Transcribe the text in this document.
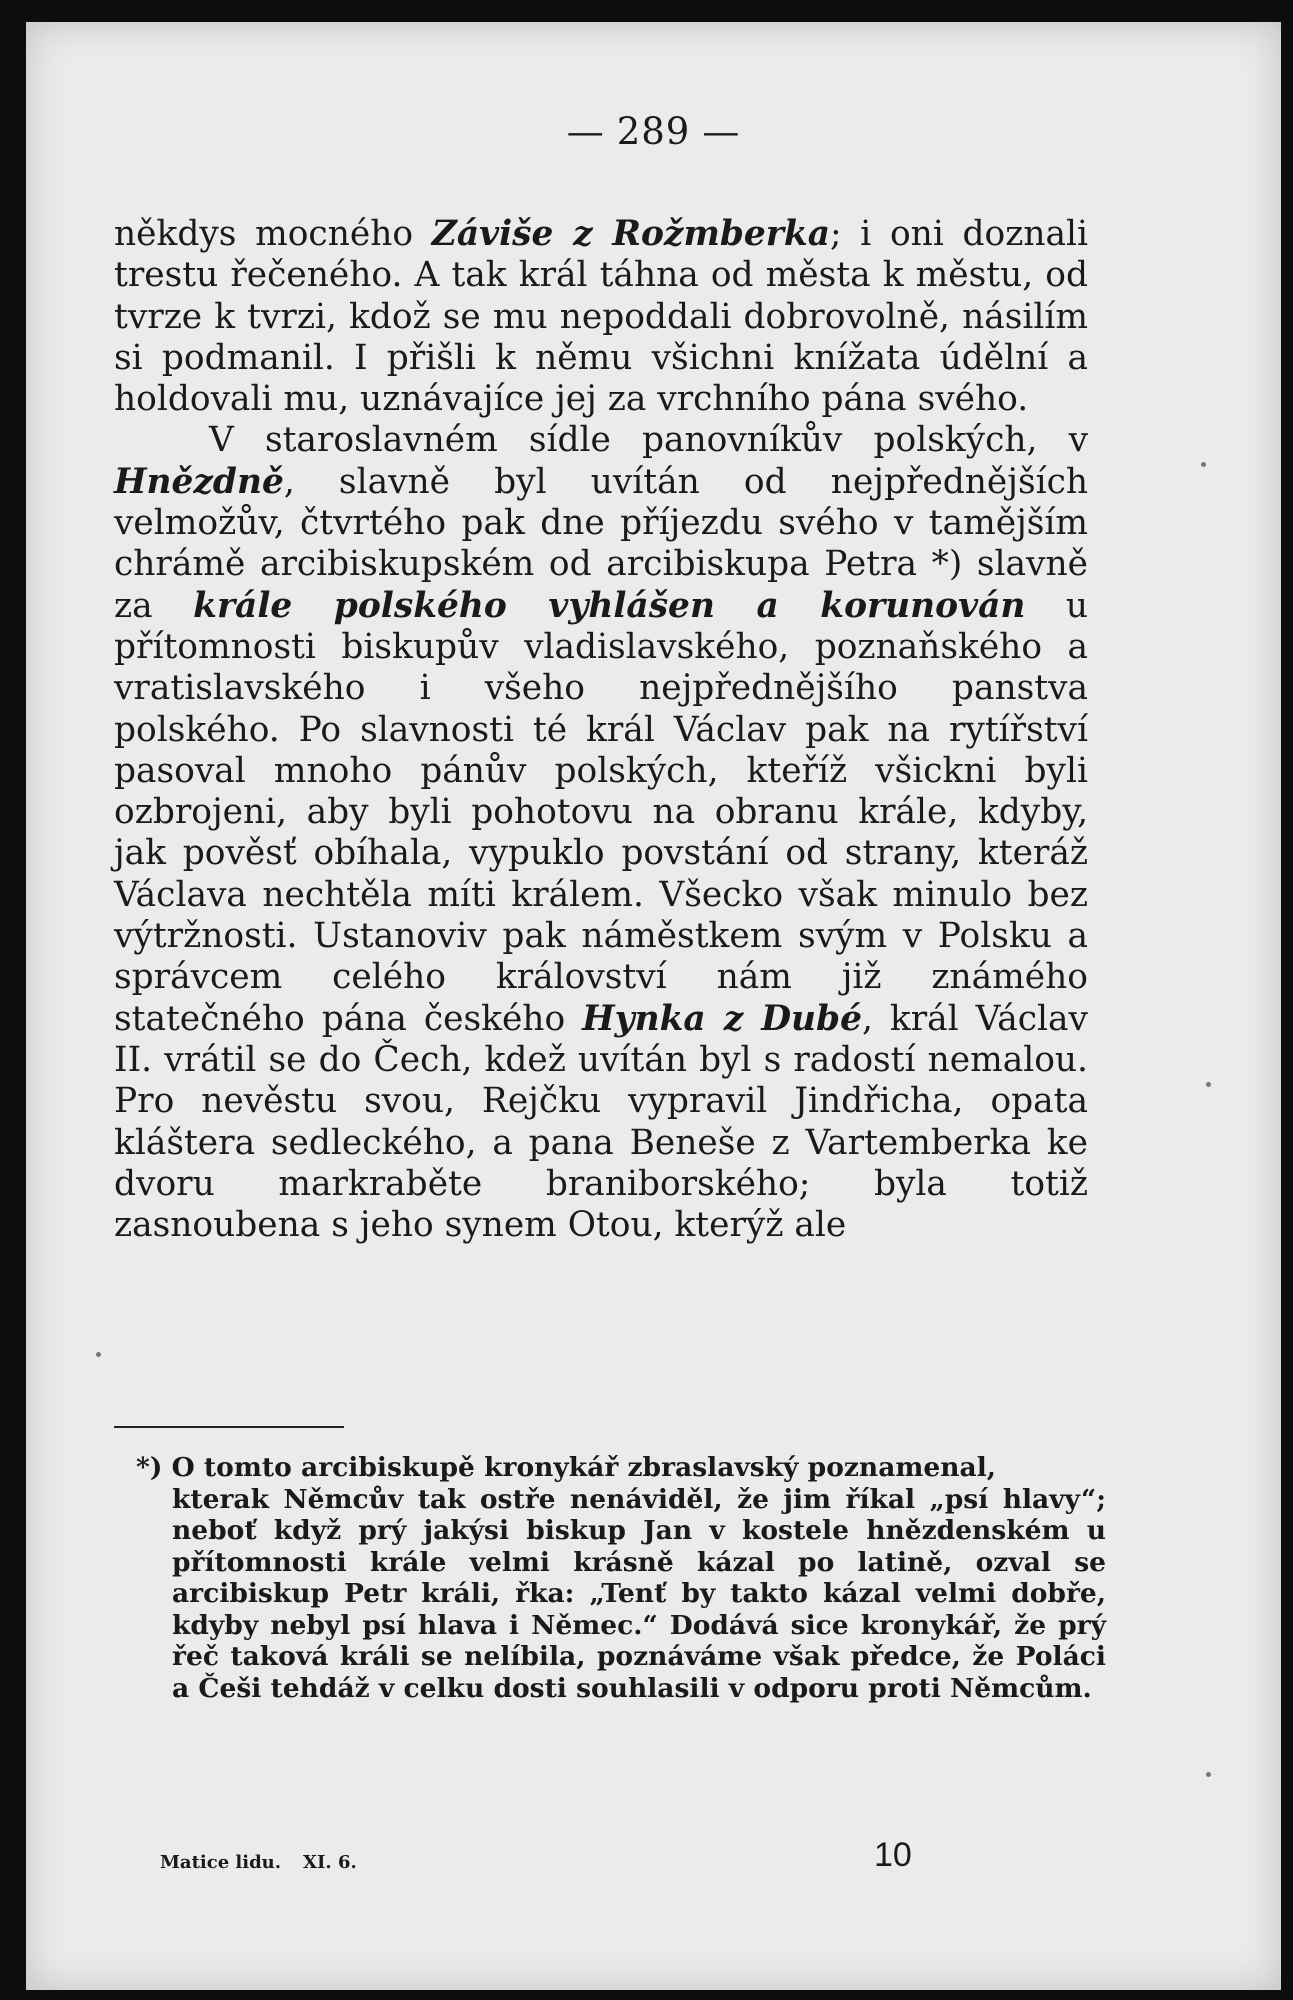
— 289 —

někdys mocného Záviše z Rožmberka; i oni doznali trestu řečeného. A tak král táhna od města k městu, od tvrze k tvrzi, kdož se mu nepoddali dobrovolně, násilím si podmanil. I přišli k němu všichni knížata údělní a holdovali mu, uznávajíce jej za vrchního pána svého.

V staroslavném sídle panovníkův polských, v Hnězdně, slavně byl uvítán od nejpřednějších velmožův, čtvrtého pak dne příjezdu svého v tamějším chrámě arcibiskupském od arcibiskupa Petra *) slavně za krále polského vyhlášen a korunován u přítomnosti biskupův vladislavského, poznaňského a vratislavského i všeho nejpřednějšího panstva polského. Po slavnosti té král Václav pak na rytířství pasoval mnoho pánův polských, kteříž všickni byli ozbrojeni, aby byli pohotovu na obranu krále, kdyby, jak pověsť obíhala, vypuklo povstání od strany, kteráž Václava nechtěla míti králem. Všecko však minulo bez výtržnosti. Ustanoviv pak náměstkem svým v Polsku a správcem celého království nám již známého statečného pána českého Hynka z Dubé, král Václav II. vrátil se do Čech, kdež uvítán byl s radostí nemalou. Pro nevěstu svou, Rejčku vypravil Jindřicha, opata kláštera sedleckého, a pana Beneše z Vartemberka ke dvoru markraběte braniborského; byla totiž zasnoubena s jeho synem Otou, kterýž ale

*) O tomto arcibiskupě kronykář zbraslavský poznamenal,
kterak Němcův tak ostře nenáviděl, že jim říkal „psí hlavy“; neboť když prý jakýsi biskup Jan v kostele hnězdenském u přítomnosti krále velmi krásně kázal po latině, ozval se arcibiskup Petr králi, řka: „Tenť by takto kázal velmi dobře, kdyby nebyl psí hlava i Němec.“ Dodává sice kronykář, že prý řeč taková králi se nelíbila, poznáváme však předce, že Poláci a Češi tehdáž v celku dosti souhlasili v odporu proti Němcům.
Matice lidu. XI. 6.	10
